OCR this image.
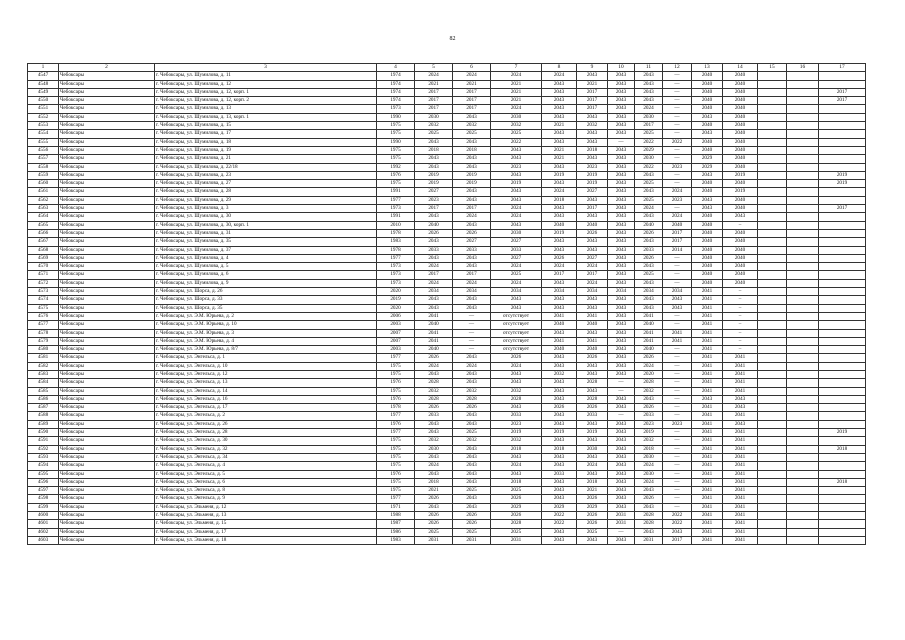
82
1	2	3	4	5	6	7	8	9	10	11	12	13	14	15	16	17
4547	Чебоксары	г. Чебоксары, ул. Шумилова, д. 11	1974	2024	2024	2024	2024	2043	2043	2043	—	2040	2040			
4548	Чебоксары	г. Чебоксары, ул. Шумилова, д. 12	1974	2021	2021	2021	2043	2021	2043	2043	—	2040	2040			
4549	Чебоксары	г. Чебоксары, ул. Шумилова, д. 12, корп. 1	1974	2017	2017	2021	2043	2017	2043	2043	—	2040	2040			2017
4550	Чебоксары	г. Чебоксары, ул. Шумилова, д. 12, корп. 2	1974	2017	2017	2021	2043	2017	2043	2043	—	2040	2040			2017
4551	Чебоксары	г. Чебоксары, ул. Шумилова, д. 13	1973	2017	2017	2024	2043	2017	2043	2024	—	2040	2040			
4552	Чебоксары	г. Чебоксары, ул. Шумилова, д. 13, корп. 1	1990	2030	2043	2030	2043	2043	2043	2030	—	2043	2040			
4553	Чебоксары	г. Чебоксары, ул. Шумилова, д. 15	1975	2032	2032	2032	2021	2032	2043	2017	—	2040	2040			
4554	Чебоксары	г. Чебоксары, ул. Шумилова, д. 17	1975	2025	2025	2025	2043	2043	2043	2025	—	2043	2040			
4555	Чебоксары	г. Чебоксары, ул. Шумилова, д. 18	1990	2043	2043	2022	2043	2043	—	2022	2022	2040	2040			
4556	Чебоксары	г. Чебоксары, ул. Шумилова, д. 19	1975	2018	2018	2043	2021	2018	2043	2029	—	2040	2040			
4557	Чебоксары	г. Чебоксары, ул. Шумилова, д. 21	1975	2043	2043	2043	2021	2043	2043	2030	—	2029	2040			
4558	Чебоксары	г. Чебоксары, ул. Шумилова, д. 22/18	1992	2043	2043	2023	2043	2023	2043	2022	2023	2029	2040			
4559	Чебоксары	г. Чебоксары, ул. Шумилова, д. 23	1976	2019	2019	2043	2019	2019	2043	2043	—	2043	2019			2019
4560	Чебоксары	г. Чебоксары, ул. Шумилова, д. 27	1975	2019	2019	2019	2043	2019	2043	2025	—	2040	2040			2019
4561	Чебоксары	г. Чебоксары, ул. Шумилова, д. 28	1991	2027	2043	2043	2024	2027	2043	2043	2024	2040	2019			
4562	Чебоксары	г. Чебоксары, ул. Шумилова, д. 29	1977	2023	2043	2043	2018	2043	2043	2025	2023	2043	2040			
4563	Чебоксары	г. Чебоксары, ул. Шумилова, д. 3	1973	2017	2017	2024	2043	2017	2043	2024	—	2043	2040			2017
4564	Чебоксары	г. Чебоксары, ул. Шумилова, д. 30	1991	2043	2024	2024	2043	2043	2043	2043	2024	2040	2043			
4565	Чебоксары	г. Чебоксары, ул. Шумилова, д. 30, корп. 1	2010	2040	2043	2043	2040	2040	2043	2040	2040	2040	–			
4566	Чебоксары	г. Чебоксары, ул. Шумилова, д. 31	1978	2026	2026	2030	2019	2026	2043	2026	2017	2040	2040			
4567	Чебоксары	г. Чебоксары, ул. Шумилова, д. 35	1983	2043	2027	2027	2043	2043	2043	2043	2017	2040	2040			
4568	Чебоксары	г. Чебоксары, ул. Шумилова, д. 37	1978	2033	2033	2033	2043	2043	2043	2033	2014	2040	2040			
4569	Чебоксары	г. Чебоксары, ул. Шумилова, д. 4	1977	2043	2043	2027	2026	2027	2043	2026	—	2040	2040			
4570	Чебоксары	г. Чебоксары, ул. Шумилова, д. 5	1973	2024	2043	2024	2024	2024	2043	2043	—	2040	2040			
4571	Чебоксары	г. Чебоксары, ул. Шумилова, д. 6	1973	2017	2017	2025	2017	2017	2043	2025	—	2040	2040			
4572	Чебоксары	г. Чебоксары, ул. Шумилова, д. 9	1973	2024	2024	2024	2043	2024	2043	2043	—	2040	2040			
4573	Чебоксары	г. Чебоксары, ул. Шорса, д. 26	2020	2034	2034	2034	2034	2034	2034	2034	2034	2041	–			
4574	Чебоксары	г. Чебоксары, ул. Шорса, д. 33	2019	2043	2043	2043	2043	2043	2043	2043	2043	2041	–			
4575	Чебоксары	г. Чебоксары, ул. Шорса, д. 35	2020	2043	2043	2043	2043	2043	2043	2043	2043	2041	–			
4576	Чебоксары	г. Чебоксары, ул. Э.М. Юрьева, д. 2	2006	2041	—	отсутствует	2041	2041	2043	2041	—	2041	–			
4577	Чебоксары	г. Чебоксары, ул. Э.М. Юрьева, д. 10	2003	2040	—	отсутствует	2040	2040	2043	2040	—	2041	–			
4578	Чебоксары	г. Чебоксары, ул. Э.М. Юрьева, д. 3	2007	2041	—	отсутствует	2043	2043	2043	2041	2041	2041	–			
4579	Чебоксары	г. Чебоксары, ул. Э.М. Юрьева, д. 4	2007	2041	—	отсутствует	2041	2041	2043	2041	2041	2041	–			
4580	Чебоксары	г. Чебоксары, ул. Э.М. Юрьева, д. 8/7	2003	2040	—	отсутствует	2040	2040	2043	2040	—	2041	–			
4581	Чебоксары	г. Чебоксары, ул. Энгельса, д. 1	1977	2026	2043	2026	2043	2026	2043	2026	—	2041	2041			
4582	Чебоксары	г. Чебоксары, ул. Энгельса, д. 10	1975	2024	2024	2024	2043	2043	2043	2024	—	2041	2041			
4583	Чебоксары	г. Чебоксары, ул. Энгельса, д. 12	1975	2043	2043	2043	2032	2043	2043	2020	—	2041	2041			
4584	Чебоксары	г. Чебоксары, ул. Энгельса, д. 13	1976	2028	2043	2043	2043	2028	—	2028	—	2041	2041			
4585	Чебоксары	г. Чебоксары, ул. Энгельса, д. 14	1975	2032	2032	2032	2043	2043	—	2032	—	2041	2041			
4586	Чебоксары	г. Чебоксары, ул. Энгельса, д. 16	1976	2028	2028	2028	2043	2028	2043	2043	—	2043	2043			
4587	Чебоксары	г. Чебоксары, ул. Энгельса, д. 17	1978	2026	2026	2043	2026	2026	2043	2026	—	2041	2043			
4588	Чебоксары	г. Чебоксары, ул. Энгельса, д. 2	1977	2033	2043	2033	2043	2033	—	2033	—	2041	2041			
4589	Чебоксары	г. Чебоксары, ул. Энгельса, д. 26	1976	2043	2043	2023	2043	2043	2043	2023	2023	2041	2043			
4590	Чебоксары	г. Чебоксары, ул. Энгельса, д. 28	1977	2043	2025	2019	2019	2019	2043	2019	—	2041	2041			2019
4591	Чебоксары	г. Чебоксары, ул. Энгельса, д. 30	1975	2032	2032	2032	2043	2043	2043	2032	—	2041	2041			
4592	Чебоксары	г. Чебоксары, ул. Энгельса, д. 32	1975	2030	2043	2018	2018	2030	2043	2018	—	2041	2041			2018
4593	Чебоксары	г. Чебоксары, ул. Энгельса, д. 34	1975	2043	2043	2043	2043	2043	2043	2030	—	2041	2041			
4594	Чебоксары	г. Чебоксары, ул. Энгельса, д. 4	1975	2024	2043	2024	2043	2024	2043	2024	—	2041	2041			
4595	Чебоксары	г. Чебоксары, ул. Энгельса, д. 5	1976	2043	2043	2043	2033	2043	2043	2030	—	2041	2041			
4596	Чебоксары	г. Чебоксары, ул. Энгельса, д. 6	1975	2018	2043	2018	2043	2018	2043	2024	—	2041	2041			2018
4597	Чебоксары	г. Чебоксары, ул. Энгельса, д. 8	1975	2021	2025	2025	2043	2021	2043	2043	—	2041	2041			
4598	Чебоксары	г. Чебоксары, ул. Энгельса, д. 9	1977	2026	2043	2026	2043	2026	2043	2026	—	2041	2041			
4599	Чебоксары	г. Чебоксары, ул. Эльменя, д. 12	1971	2043	2043	2029	2029	2029	2043	2043	—	2041	2041			
4600	Чебоксары	г. Чебоксары, ул. Эльменя, д. 13	1988	2026	2026	2026	2022	2026	2031	2028	2022	2041	2041			
4601	Чебоксары	г. Чебоксары, ул. Эльменя, д. 15	1987	2026	2026	2028	2022	2026	2031	2028	2022	2041	2041			
4602	Чебоксары	г. Чебоксары, ул. Эльменя, д. 17	1986	2025	2025	2025	2043	2025	—	2043	2043	2041	2041			
4603	Чебоксары	г. Чебоксары, ул. Эльменя, д. 18	1983	2031	2031	2031	2043	2043	2043	2031	2017	2041	2041			
